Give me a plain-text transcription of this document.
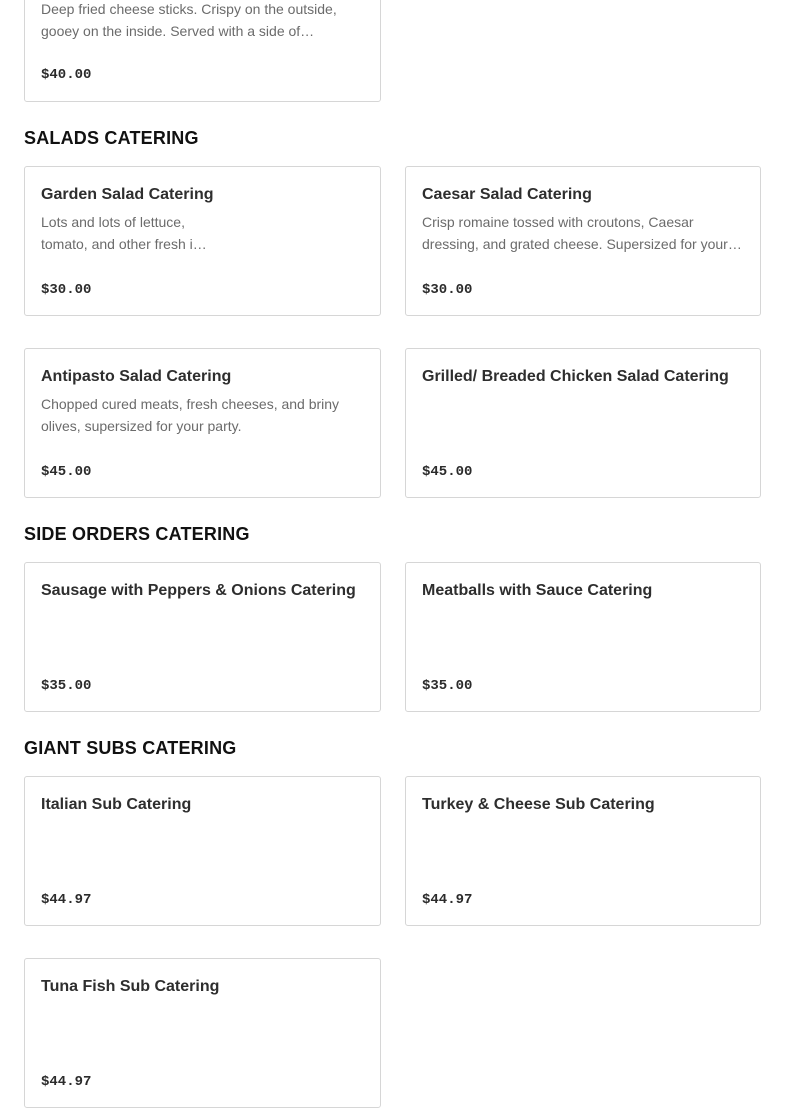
Deep fried cheese sticks. Crispy on the outside,
gooey on the inside. Served with a side of…
$40.00
SALADS CATERING
Garden Salad Catering
Lots and lots of lettuce,
tomato, and other fresh i…
$30.00
Caesar Salad Catering
Crisp romaine tossed with croutons, Caesar
dressing, and grated cheese. Supersized for your…
$30.00
Antipasto Salad Catering
Chopped cured meats, fresh cheeses, and briny
olives, supersized for your party.
$45.00
Grilled/ Breaded Chicken Salad Catering
$45.00
SIDE ORDERS CATERING
Sausage with Peppers & Onions Catering
$35.00
Meatballs with Sauce Catering
$35.00
GIANT SUBS CATERING
Italian Sub Catering
$44.97
Turkey & Cheese Sub Catering
$44.97
Tuna Fish Sub Catering
$44.97
